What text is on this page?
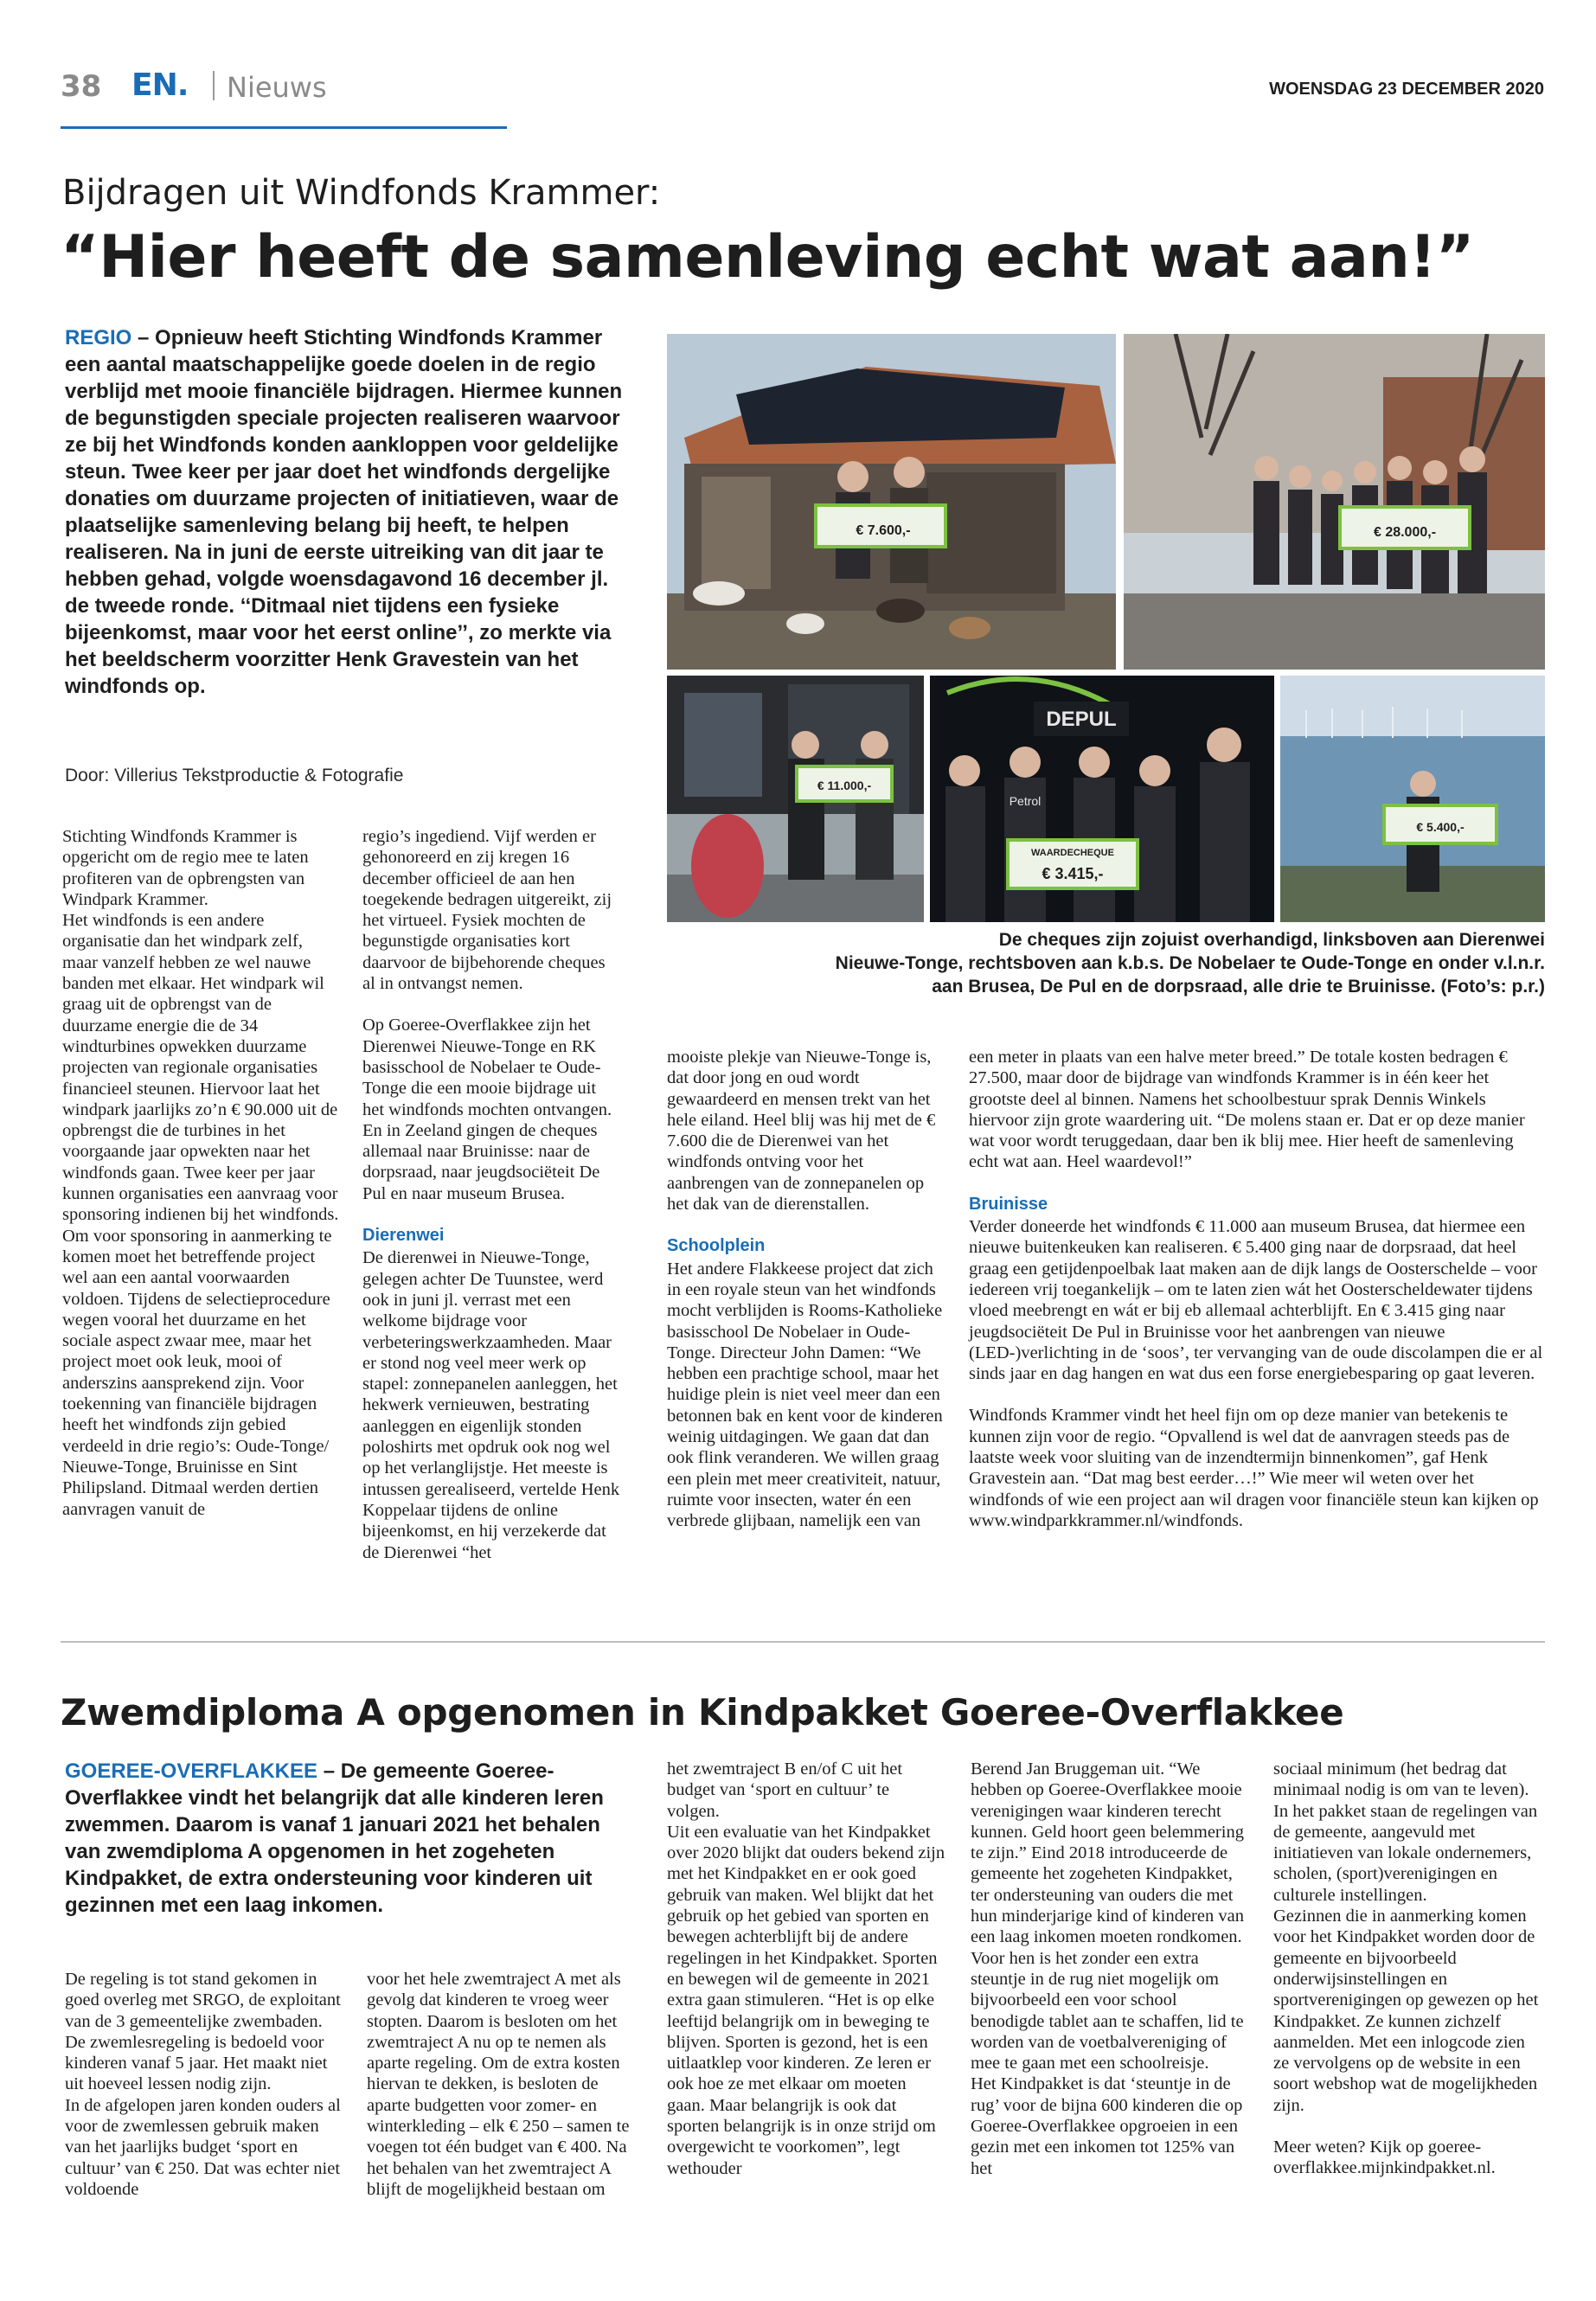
38 EN. Nieuws	WOENSDAG 23 DECEMBER 2020
Bijdragen uit Windfonds Krammer:
“Hier heeft de samenleving echt wat aan!”
REGIO – Opnieuw heeft Stichting Windfonds Krammer een aantal maatschappelijke goede doelen in de regio verblijd met mooie financiële bijdragen. Hiermee kunnen de begunstigden speciale projecten realiseren waarvoor ze bij het Windfonds konden aankloppen voor geldelijke steun. Twee keer per jaar doet het windfonds dergelijke donaties om duurzame projecten of initiatieven, waar de plaatselijke samenleving belang bij heeft, te helpen realiseren. Na in juni de eerste uitreiking van dit jaar te hebben gehad, volgde woensdagavond 16 december jl. de tweede ronde. ‘‘Ditmaal niet tijdens een fysieke bijeenkomst, maar voor het eerst online’’, zo merkte via het beeldscherm voorzitter Henk Gravestein van het windfonds op.
Door: Villerius Tekstproductie & Fotografie
€ 7.600,-	€ 28.000,-
€ 11.000,-
DEPUL
Petrol
WAARDECHEQUE
€ 3.415,-
€ 5.400,-
De cheques zijn zojuist overhandigd, linksboven aan Dierenwei
Nieuwe-Tonge, rechtsboven aan k.b.s. De Nobelaer te Oude-Tonge en onder v.l.n.r.
aan Brusea, De Pul en de dorpsraad, alle drie te Bruinisse. (Foto’s: p.r.)
Stichting Windfonds Krammer is opgericht om de regio mee te laten profiteren van de opbrengsten van Windpark Krammer.
Het windfonds is een andere organisatie dan het windpark zelf, maar vanzelf hebben ze wel nauwe banden met elkaar. Het windpark wil graag uit de opbrengst van de duurzame energie die de 34 windturbines opwekken duurzame projecten van regionale organisaties financieel steunen. Hiervoor laat het windpark jaarlijks zo’n € 90.000 uit de opbrengst die de turbines in het voorgaande jaar opwekten naar het windfonds gaan. Twee keer per jaar kunnen organisaties een aanvraag voor sponsoring indienen bij het windfonds. Om voor sponsoring in aanmerking te komen moet het betreffende project wel aan een aantal voorwaarden voldoen. Tijdens de selectieprocedure wegen vooral het duurzame en het sociale aspect zwaar mee, maar het project moet ook leuk, mooi of anderszins aansprekend zijn. Voor toekenning van financiële bijdragen heeft het windfonds zijn gebied verdeeld in drie regio’s: Oude-Tonge/ Nieuwe-Tonge, Bruinisse en Sint Philipsland. Ditmaal werden dertien aanvragen vanuit de

regio’s ingediend. Vijf werden er gehonoreerd en zij kregen 16 december officieel de aan hen toegekende bedragen uitgereikt, zij het virtueel. Fysiek mochten de begunstigde organisaties kort daarvoor de bijbehorende cheques al in ontvangst nemen.

Op Goeree-Overflakkee zijn het Dierenwei Nieuwe-Tonge en RK basisschool de Nobelaer te Oude-Tonge die een mooie bijdrage uit het windfonds mochten ontvangen. En in Zeeland gingen de cheques allemaal naar Bruinisse: naar de dorpsraad, naar jeugdsociëteit De Pul en naar museum Brusea.

Dierenwei

De dierenwei in Nieuwe-Tonge, gelegen achter De Tuunstee, werd ook in juni jl. verrast met een welkome bijdrage voor verbeteringswerkzaamheden. Maar er stond nog veel meer werk op stapel: zonnepanelen aanleggen, het hekwerk vernieuwen, bestrating aanleggen en eigenlijk stonden poloshirts met opdruk ook nog wel op het verlanglijstje. Het meeste is intussen gerealiseerd, vertelde Henk Koppelaar tijdens de online bijeenkomst, en hij verzekerde dat de Dierenwei “het

mooiste plekje van Nieuwe-Tonge is, dat door jong en oud wordt gewaardeerd en mensen trekt van het hele eiland. Heel blij was hij met de € 7.600 die de Dierenwei van het windfonds ontving voor het aanbrengen van de zonnepanelen op het dak van de dierenstallen.

Schoolplein

Het andere Flakkeese project dat zich in een royale steun van het windfonds mocht verblijden is Rooms-Katholieke basisschool De Nobelaer in Oude-Tonge. Directeur John Damen: “We hebben een prachtige school, maar het huidige plein is niet veel meer dan een betonnen bak en kent voor de kinderen weinig uitdagingen. We gaan dat dan ook flink veranderen. We willen graag een plein met meer creativiteit, natuur, ruimte voor insecten, water én een verbrede glijbaan, namelijk een van

een meter in plaats van een halve meter breed.” De totale kosten bedragen € 27.500, maar door de bijdrage van windfonds Krammer is in één keer het grootste deel al binnen. Namens het schoolbestuur sprak Dennis Winkels hiervoor zijn grote waardering uit. “De molens staan er. Dat er op deze manier wat voor wordt teruggedaan, daar ben ik blij mee. Hier heeft de samenleving echt wat aan. Heel waardevol!”

Bruinisse

Verder doneerde het windfonds € 11.000 aan museum Brusea, dat hiermee een nieuwe buitenkeuken kan realiseren. € 5.400 ging naar de dorpsraad, dat heel graag een getijdenpoelbak laat maken aan de dijk langs de Oosterschelde – voor iedereen vrij toegankelijk – om te laten zien wát het Oosterscheldewater tijdens vloed meebrengt en wát er bij eb allemaal achterblijft. En € 3.415 ging naar jeugdsociëteit De Pul in Bruinisse voor het aanbrengen van nieuwe (LED-)verlichting in de ‘soos’, ter vervanging van de oude discolampen die er al sinds jaar en dag hangen en wat dus een forse energiebesparing op gaat leveren.

Windfonds Krammer vindt het heel fijn om op deze manier van betekenis te kunnen zijn voor de regio. “Opvallend is wel dat de aanvragen steeds pas de laatste week voor sluiting van de inzendtermijn binnenkomen”, gaf Henk Gravestein aan. “Dat mag best eerder…!” Wie meer wil weten over het windfonds of wie een project aan wil dragen voor financiële steun kan kijken op www.windparkkrammer.nl/windfonds.

Zwemdiploma A opgenomen in Kindpakket Goeree-Overflakkee
GOEREE-OVERFLAKKEE – De gemeente Goeree-Overflakkee vindt het belangrijk dat alle kinderen leren zwemmen. Daarom is vanaf 1 januari 2021 het behalen van zwemdiploma A opgenomen in het zogeheten Kindpakket, de extra ondersteuning voor kinderen uit gezinnen met een laag inkomen.
De regeling is tot stand gekomen in goed overleg met SRGO, de exploitant van de 3 gemeentelijke zwembaden. De zwemlesregeling is bedoeld voor kinderen vanaf 5 jaar. Het maakt niet uit hoeveel lessen nodig zijn.
In de afgelopen jaren konden ouders al voor de zwemlessen gebruik maken van het jaarlijks budget ‘sport en cultuur’ van € 250. Dat was echter niet voldoende
voor het hele zwemtraject A met als gevolg dat kinderen te vroeg weer stopten. Daarom is besloten om het zwemtraject A nu op te nemen als aparte regeling. Om de extra kosten hiervan te dekken, is besloten de aparte budgetten voor zomer- en winterkleding – elk € 250 – samen te voegen tot één budget van € 400. Na het behalen van het zwemtraject A blijft de mogelijkheid bestaan om
het zwemtraject B en/of C uit het budget van ‘sport en cultuur’ te volgen.
Uit een evaluatie van het Kindpakket over 2020 blijkt dat ouders bekend zijn met het Kindpakket en er ook goed gebruik van maken. Wel blijkt dat het gebruik op het gebied van sporten en bewegen achterblijft bij de andere regelingen in het Kindpakket. Sporten en bewegen wil de gemeente in 2021 extra gaan stimuleren. “Het is op elke leeftijd belangrijk om in beweging te blijven. Sporten is gezond, het is een uitlaatklep voor kinderen. Ze leren er ook hoe ze met elkaar om moeten gaan. Maar belangrijk is ook dat sporten belangrijk is in onze strijd om overgewicht te voorkomen”, legt wethouder
Berend Jan Bruggeman uit. “We hebben op Goeree-Overflakkee mooie verenigingen waar kinderen terecht kunnen. Geld hoort geen belemmering te zijn.” Eind 2018 introduceerde de gemeente het zogeheten Kindpakket, ter ondersteuning van ouders die met hun minderjarige kind of kinderen van een laag inkomen moeten rondkomen. Voor hen is het zonder een extra steuntje in de rug niet mogelijk om bijvoorbeeld een voor school benodigde tablet aan te schaffen, lid te worden van de voetbalvereniging of mee te gaan met een schoolreisje.
Het Kindpakket is dat ‘steuntje in de rug’ voor de bijna 600 kinderen die op Goeree-Overflakkee opgroeien in een gezin met een inkomen tot 125% van het

sociaal minimum (het bedrag dat minimaal nodig is om van te leven). In het pakket staan de regelingen van de gemeente, aangevuld met initiatieven van lokale ondernemers, scholen, (sport)verenigingen en culturele instellingen.
Gezinnen die in aanmerking komen voor het Kindpakket worden door de gemeente en bijvoorbeeld onderwijsinstellingen en sportverenigingen op gewezen op het Kindpakket. Ze kunnen zichzelf aanmelden. Met een inlogcode zien ze vervolgens op de website in een soort webshop wat de mogelijkheden zijn.

Meer weten? Kijk op goeree-overflakkee.mijnkindpakket.nl.
